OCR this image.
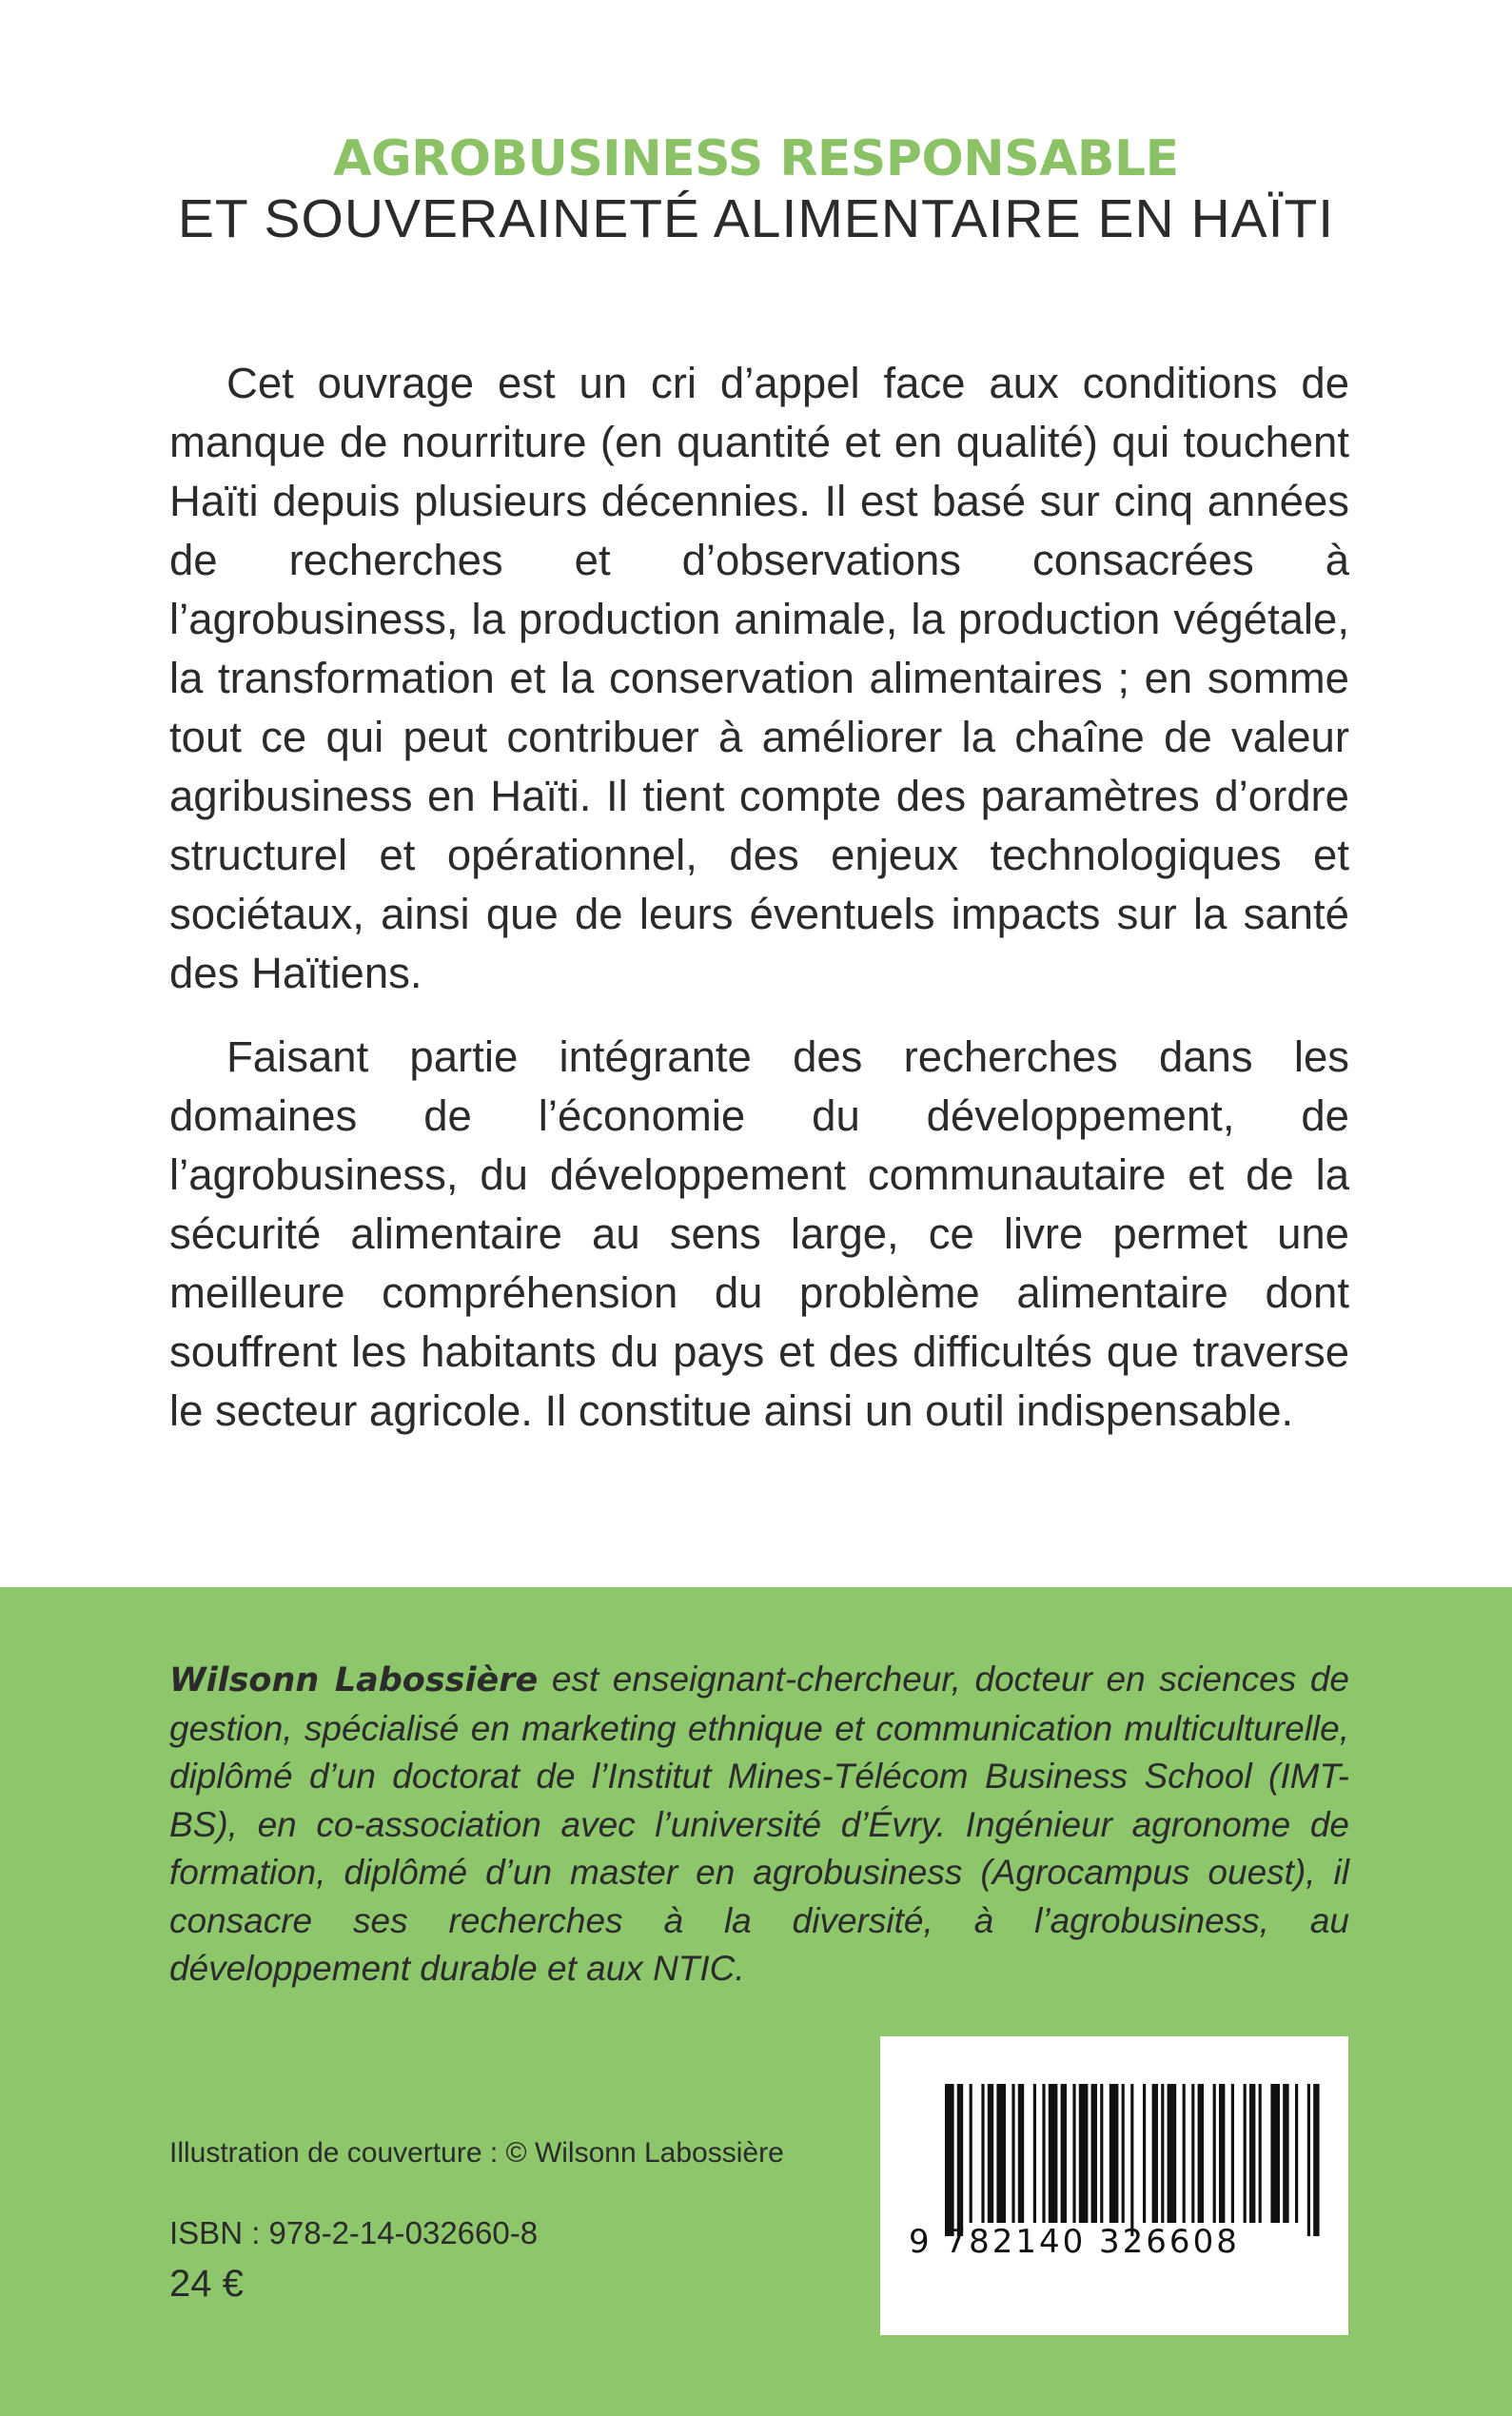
AGROBUSINESS RESPONSABLE
ET SOUVERAINETÉ ALIMENTAIRE EN HAÏTI

Cet ouvrage est un cri d’appel face aux conditions de manque de nourriture (en quantité et en qualité) qui touchent Haïti depuis plusieurs décennies. Il est basé sur cinq années de recherches et d’observations consacrées à l’agrobusiness, la production animale, la production végétale, la transformation et la conservation alimentaires ; en somme tout ce qui peut contribuer à améliorer la chaîne de valeur agribusiness en Haïti. Il tient compte des paramètres d’ordre structurel et opérationnel, des enjeux technologiques et sociétaux, ainsi que de leurs éventuels impacts sur la santé des Haïtiens.

Faisant partie intégrante des recherches dans les domaines de l’économie du développement, de l’agrobusiness, du développement communautaire et de la sécurité alimentaire au sens large, ce livre permet une meilleure compréhension du problème alimentaire dont souffrent les habitants du pays et des difficultés que traverse le secteur agricole. Il constitue ainsi un outil indispensable.

Wilsonn Labossière est enseignant-chercheur, docteur en sciences de gestion, spécialisé en marketing ethnique et communication multiculturelle, diplômé d’un doctorat de l’Institut Mines-Télécom Business School (IMT-BS), en co-association avec l’université d’Évry. Ingénieur agronome de formation, diplômé d’un master en agrobusiness (Agrocampus ouest), il consacre ses recherches à la diversité, à l’agrobusiness, au développement durable et aux NTIC.
Illustration de couverture : © Wilsonn Labossière
ISBN : 978-2-14-032660-8
24 €
9 782140 326608
